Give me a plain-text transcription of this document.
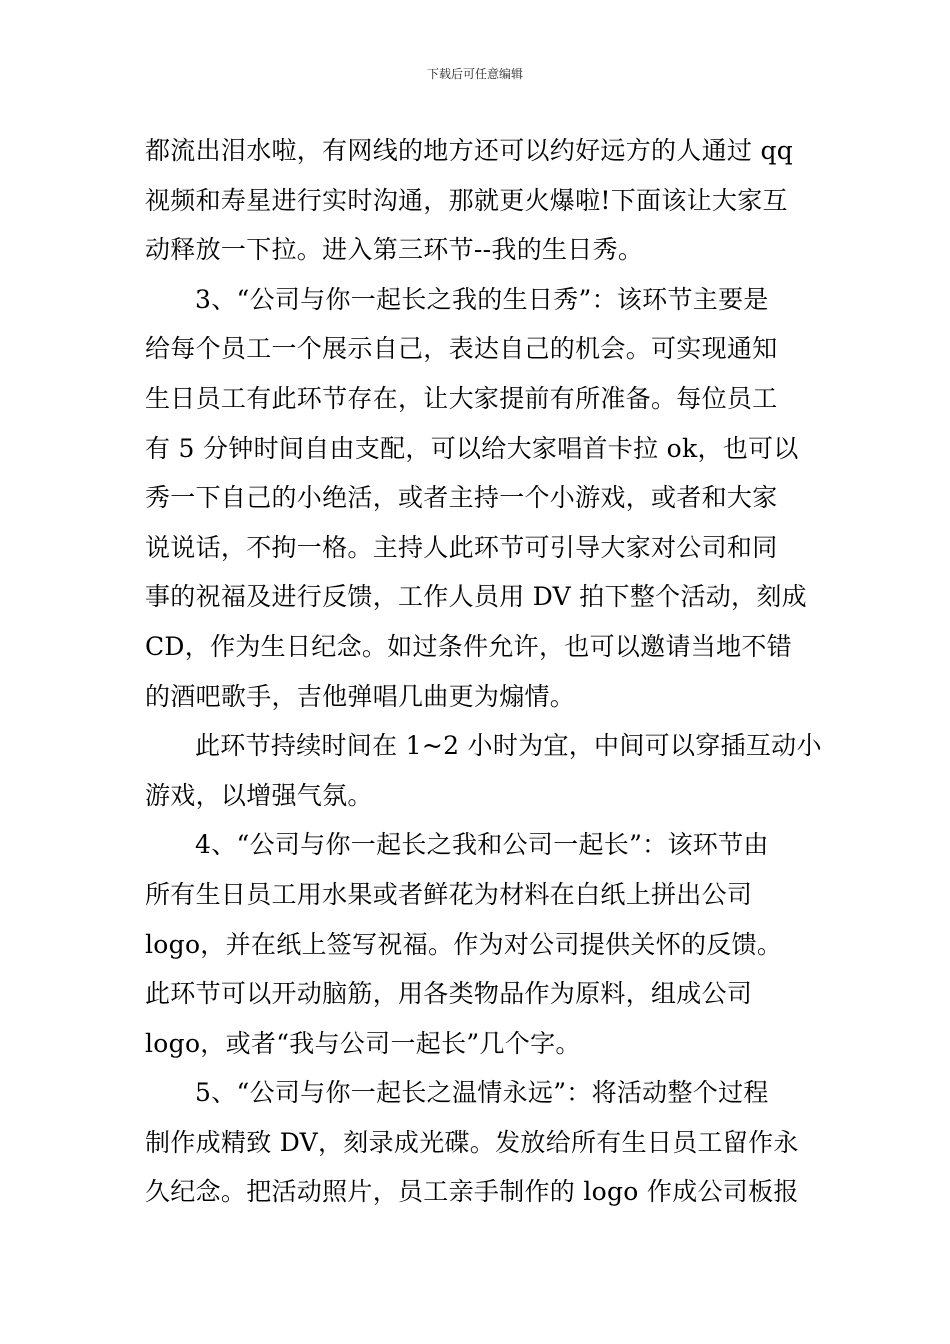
下载后可任意编辑
都流出泪水啦，有网线的地方还可以约好远方的人通过 qq
视频和寿星进行实时沟通，那就更火爆啦!下面该让大家互
动释放一下拉。进入第三环节--我的生日秀。
3、“公司与你一起长之我的生日秀”：该环节主要是
给每个员工一个展示自己，表达自己的机会。可实现通知
生日员工有此环节存在，让大家提前有所准备。每位员工
有 5 分钟时间自由支配，可以给大家唱首卡拉 ok，也可以
秀一下自己的小绝活，或者主持一个小游戏，或者和大家
说说话，不拘一格。主持人此环节可引导大家对公司和同
事的祝福及进行反馈，工作人员用 DV 拍下整个活动，刻成
CD，作为生日纪念。如过条件允许，也可以邀请当地不错
的酒吧歌手，吉他弹唱几曲更为煽情。
此环节持续时间在 1~2 小时为宜，中间可以穿插互动小
游戏，以增强气氛。
4、“公司与你一起长之我和公司一起长”：该环节由
所有生日员工用水果或者鲜花为材料在白纸上拼出公司
logo，并在纸上签写祝福。作为对公司提供关怀的反馈。
此环节可以开动脑筋，用各类物品作为原料，组成公司
logo，或者“我与公司一起长”几个字。
5、“公司与你一起长之温情永远”：将活动整个过程
制作成精致 DV，刻录成光碟。发放给所有生日员工留作永
久纪念。把活动照片，员工亲手制作的 logo 作成公司板报
